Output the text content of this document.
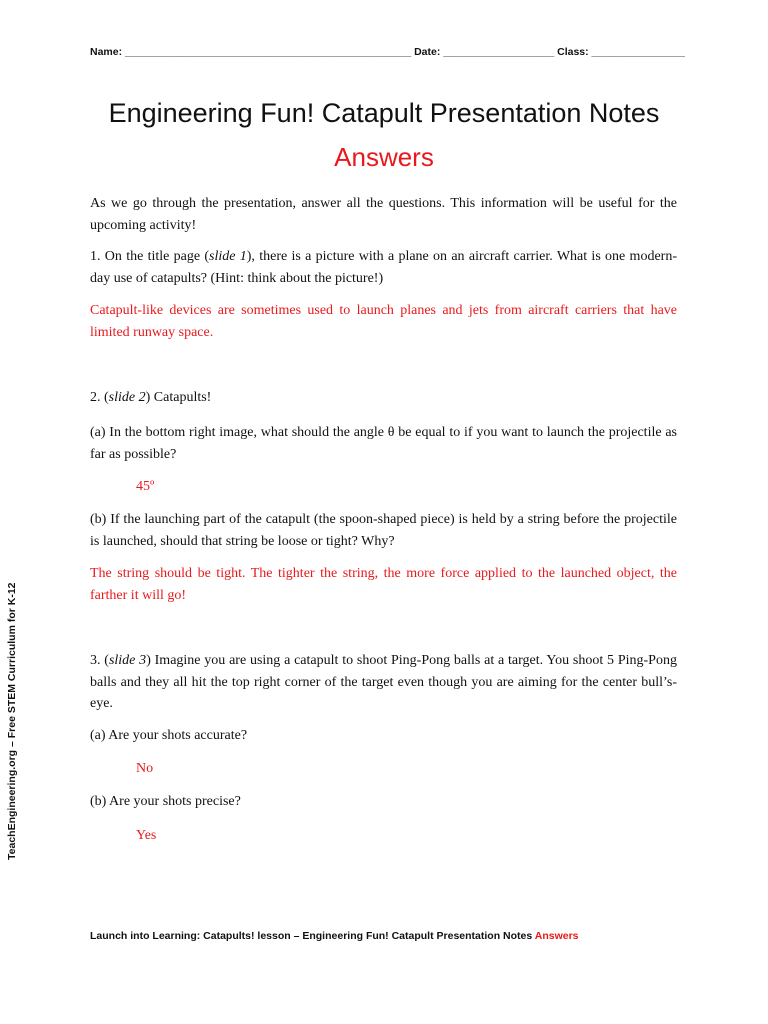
Name: _________________________________________________ Date: ___________________ Class: ________________
Engineering Fun! Catapult Presentation Notes
Answers
As we go through the presentation, answer all the questions. This information will be useful for the upcoming activity!
1. On the title page (slide 1), there is a picture with a plane on an aircraft carrier. What is one modern-day use of catapults? (Hint: think about the picture!)
Catapult-like devices are sometimes used to launch planes and jets from aircraft carriers that have limited runway space.
2. (slide 2) Catapults!
(a) In the bottom right image, what should the angle θ be equal to if you want to launch the projectile as far as possible?
45º
(b) If the launching part of the catapult (the spoon-shaped piece) is held by a string before the projectile is launched, should that string be loose or tight? Why?
The string should be tight. The tighter the string, the more force applied to the launched object, the farther it will go!
3. (slide 3) Imagine you are using a catapult to shoot Ping-Pong balls at a target. You shoot 5 Ping-Pong balls and they all hit the top right corner of the target even though you are aiming for the center bull’s-eye.
(a) Are your shots accurate?
No
(b) Are your shots precise?
Yes
TeachEngineering.org – Free STEM Curriculum for K-12
Launch into Learning: Catapults! lesson – Engineering Fun! Catapult Presentation Notes Answers
